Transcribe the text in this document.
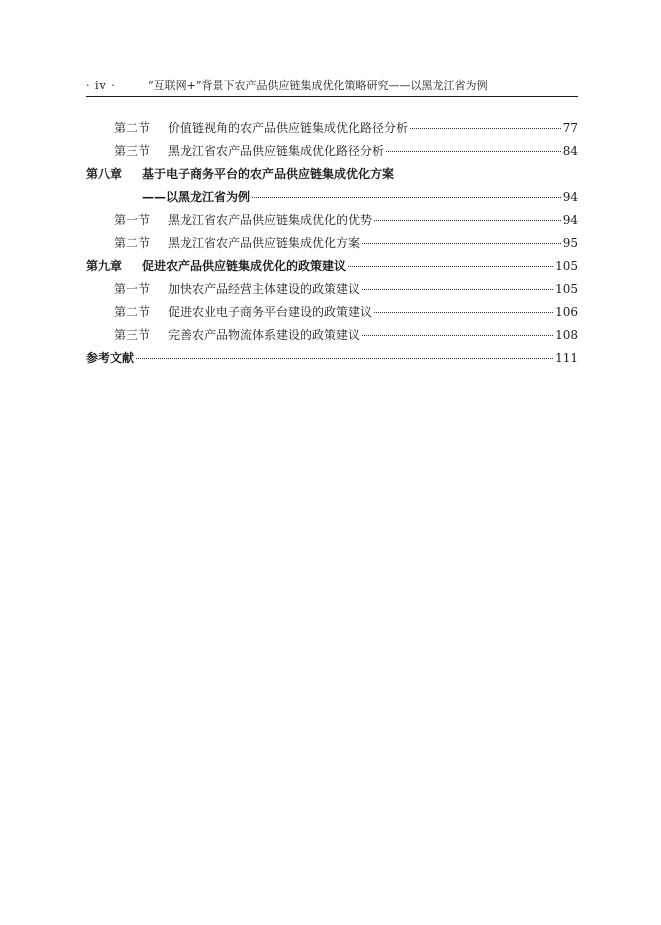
· iv ·	“互联网+”背景下农产品供应链集成优化策略研究——以黑龙江省为例
第二节	价值链视角的农产品供应链集成优化路径分析	77
第三节	黑龙江省农产品供应链集成优化路径分析	84
第八章	基于电子商务平台的农产品供应链集成优化方案
——以黑龙江省为例	94
第一节	黑龙江省农产品供应链集成优化的优势	94
第二节	黑龙江省农产品供应链集成优化方案	95
第九章	促进农产品供应链集成优化的政策建议	105
第一节	加快农产品经营主体建设的政策建议	105
第二节	促进农业电子商务平台建设的政策建议	106
第三节	完善农产品物流体系建设的政策建议	108
参考文献	111
